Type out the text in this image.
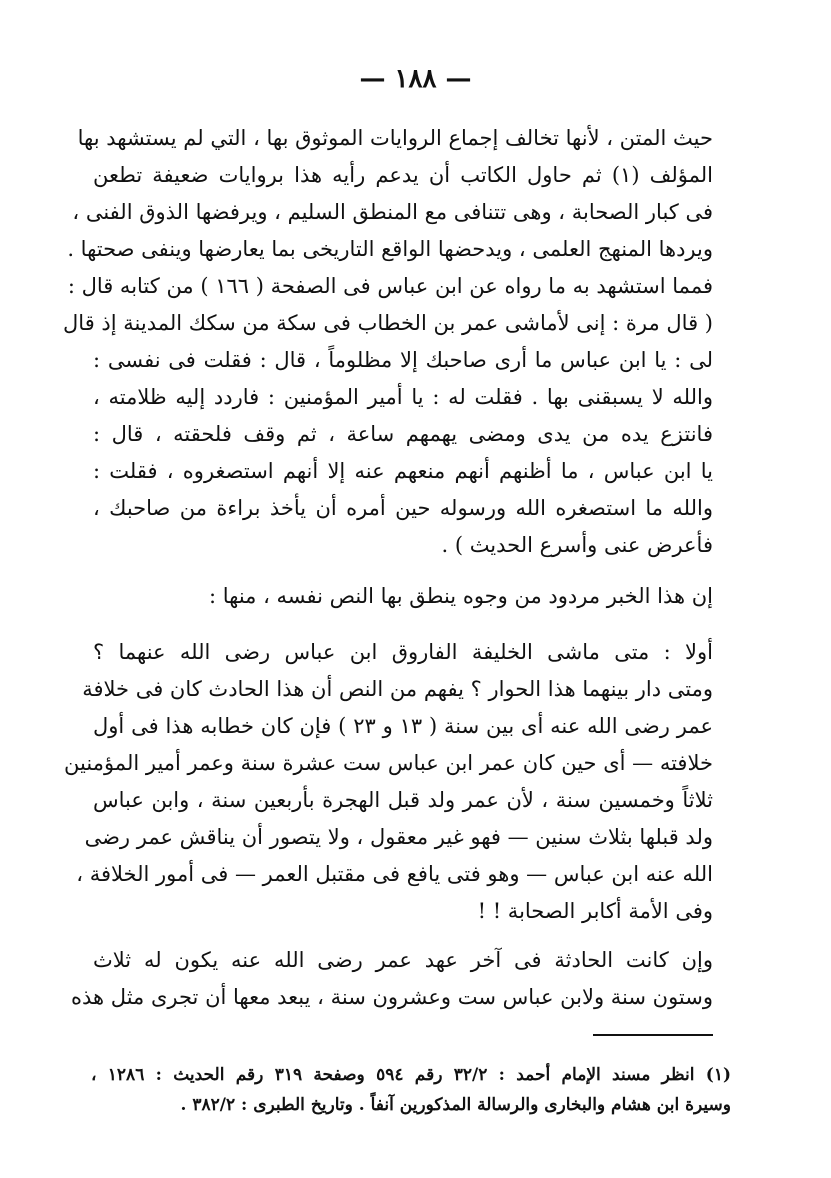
— ١٨٨ —
حيث المتن ، لأنها تخالف إجماع الروايات الموثوق بها ، التي لم يستشهد بها
المؤلف (١) ثم حاول الكاتب أن يدعم رأيه هذا بروايات ضعيفة تطعن
فى كبار الصحابة ، وهى تتنافى مع المنطق السليم ، ويرفضها الذوق الفنى ،
ويردها المنهج العلمى ، ويدحضها الواقع التاريخى بما يعارضها وينفى صحتها .
فمما استشهد به ما رواه عن ابن عباس فى الصفحة ( ١٦٦ ) من كتابه قال :
( قال مرة : إنى لأماشى عمر بن الخطاب فى سكة من سكك المدينة إذ قال
لى : يا ابن عباس ما أرى صاحبك إلا مظلوماً ، قال : فقلت فى نفسى :
والله لا يسبقنى بها . فقلت له : يا أمير المؤمنين : فاردد إليه ظلامته ،
فانتزع يده من يدى ومضى يهمهم ساعة ، ثم وقف فلحقته ، قال :
يا ابن عباس ، ما أظنهم أنهم منعهم عنه إلا أنهم استصغروه ، فقلت :
والله ما استصغره الله ورسوله حين أمره أن يأخذ براءة من صاحبك ،
فأعرض عنى وأسرع الحديث ) .
إن هذا الخبر مردود من وجوه ينطق بها النص نفسه ، منها :
أولا : متى ماشى الخليفة الفاروق ابن عباس رضى الله عنهما ؟
ومتى دار بينهما هذا الحوار ؟ يفهم من النص أن هذا الحادث كان فى خلافة
عمر رضى الله عنه أى بين سنة ( ١٣ و ٢٣ ) فإن كان خطابه هذا فى أول
خلافته — أى حين كان عمر ابن عباس ست عشرة سنة وعمر أمير المؤمنين
ثلاثاً وخمسين سنة ، لأن عمر ولد قبل الهجرة بأربعين سنة ، وابن عباس
ولد قبلها بثلاث سنين — فهو غير معقول ، ولا يتصور أن يناقش عمر رضى
الله عنه ابن عباس — وهو فتى يافع فى مقتبل العمر — فى أمور الخلافة ،
وفى الأمة أكابر الصحابة ! !
وإن كانت الحادثة فى آخر عهد عمر رضى الله عنه يكون له ثلاث
وستون سنة ولابن عباس ست وعشرون سنة ، يبعد معها أن تجرى مثل هذه
(١) انظر مسند الإمام أحمد : ٣٢/٢ رقم ٥٩٤ وصفحة ٣١٩ رقم الحديث : ١٢٨٦ ،
وسيرة ابن هشام والبخارى والرسالة المذكورين آنفاً . وتاريخ الطبرى : ٣٨٢/٢ .
